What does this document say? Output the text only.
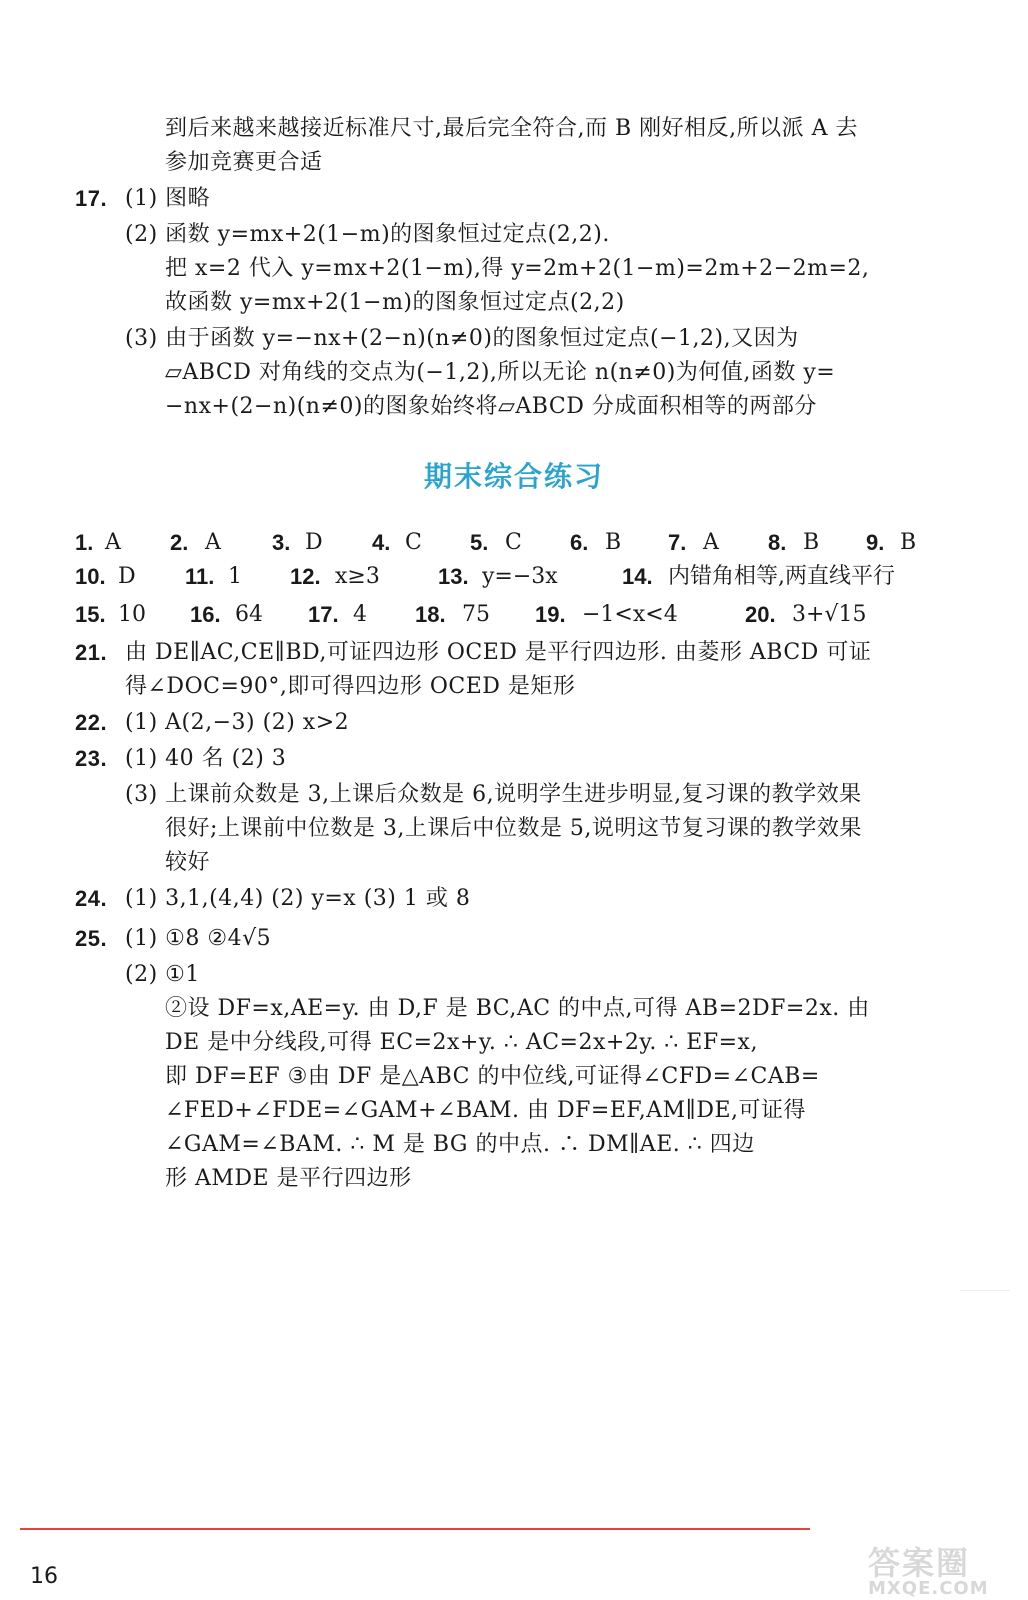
到后来越来越接近标准尺寸,最后完全符合,而 B 刚好相反,所以派 A 去
参加竞赛更合适
17. (1) 图略
(2) 函数 y=mx+2(1−m)的图象恒过定点(2,2).
把 x=2 代入 y=mx+2(1−m),得 y=2m+2(1−m)=2m+2−2m=2,
故函数 y=mx+2(1−m)的图象恒过定点(2,2)
(3) 由于函数 y=−nx+(2−n)(n≠0)的图象恒过定点(−1,2),又因为
▱ABCD 对角线的交点为(−1,2),所以无论 n(n≠0)为何值,函数 y=
−nx+(2−n)(n≠0)的图象始终将▱ABCD 分成面积相等的两部分
期末综合练习
1. A 2. A 3. D 4. C 5. C 6. B 7. A 8. B 9. B
10. D 11. 1 12. x≥3	13. y=−3x	14. 内错角相等,两直线平行
15. 10 16. 64 17. 4 18. 75 19. −1<x<4	20. 3+√15
21. 由 DE∥AC,CE∥BD,可证四边形 OCED 是平行四边形. 由菱形 ABCD 可证
得∠DOC=90°,即可得四边形 OCED 是矩形
22. (1) A(2,−3) (2) x>2
23. (1) 40 名 (2) 3
(3) 上课前众数是 3,上课后众数是 6,说明学生进步明显,复习课的教学效果
很好;上课前中位数是 3,上课后中位数是 5,说明这节复习课的教学效果
较好
24. (1) 3,1,(4,4) (2) y=x (3) 1 或 8
25. (1) ①8 ②4√5
(2) ①1
②设 DF=x,AE=y. 由 D,F 是 BC,AC 的中点,可得 AB=2DF=2x. 由
DE 是中分线段,可得 EC=2x+y. ∴ AC=2x+2y. ∴ EF=x,
即 DF=EF ③由 DF 是△ABC 的中位线,可证得∠CFD=∠CAB=
∠FED+∠FDE=∠GAM+∠BAM. 由 DF=EF,AM∥DE,可证得
∠GAM=∠BAM. ∴ M 是 BG 的中点. ∴ DM∥AE. ∴ 四边
形 AMDE 是平行四边形
16	答案圈
MXQE.COM
